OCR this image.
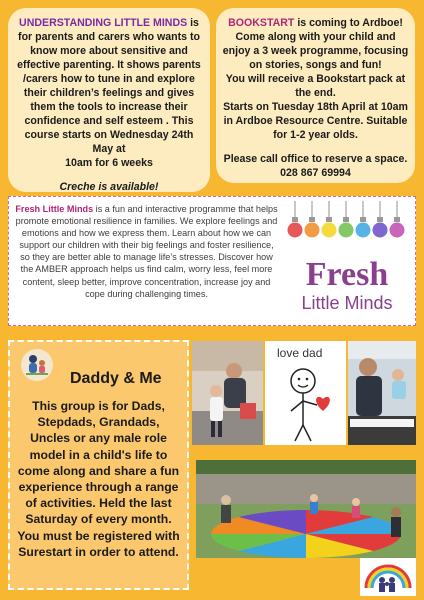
UNDERSTANDING LITTLE MINDS is for parents and carers who wants to know more about sensitive and effective parenting. It shows parents /carers how to tune in and explore their children’s feelings and gives them the tools to increase their confidence and self esteem . This course starts on Wednesday 24th May at
10am for 6 weeks
Creche is available!
BOOKSTART is coming to Ardboe! Come along with your child and enjoy a 3 week programme, focusing on stories, songs and fun!
You will receive a Bookstart pack at the end.
Starts on Tuesday 18th April at 10am in Ardboe Resource Centre. Suitable for 1-2 year olds.
Please call office to reserve a space.
028 867 69994
Fresh Little Minds is a fun and interactive programme that helps promote emotional resilience in families. We explore feelings and emotions and how we express them. Learn about how we can support our children with their big feelings and foster resilience, so they are better able to manage life’s stresses. Discover how the AMBER approach helps us find calm, worry less, feel more content, sleep better, improve concentration, increase joy and cope during challenging times.
Fresh
Little Minds
Daddy & Me
This group is for Dads, Stepdads, Grandads, Uncles or any male role model in a child's life to come along and share a fun experience through a range of activities. Held the last Saturday of every month. You must be registered with Surestart in order to attend.
love dad
